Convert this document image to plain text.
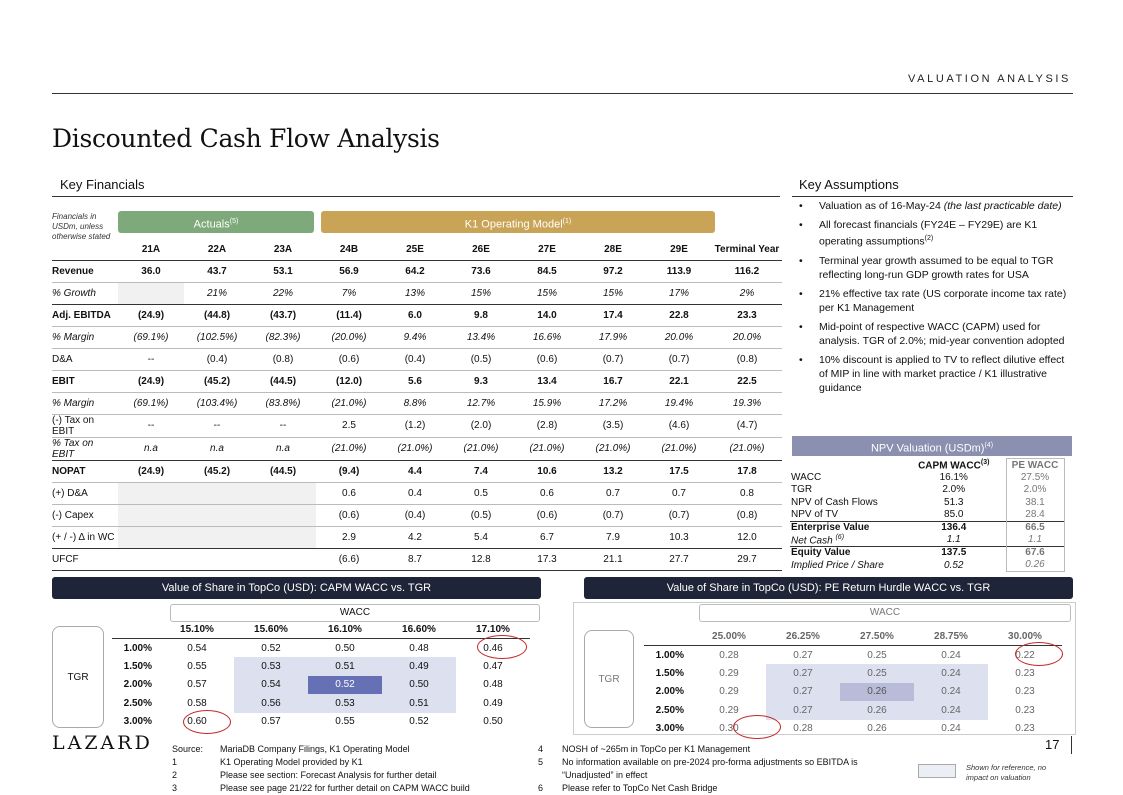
VALUATION ANALYSIS
Discounted Cash Flow Analysis
Key Financials
Financials in USDm, unless otherwise stated
Actuals$^{(5)}$	K1 Operating Model$^{(1)}$
	21A	22A	23A	24B	25E	26E	27E	28E	29E	Terminal Year
Revenue	36.0	43.7	53.1	56.9	64.2	73.6	84.5	97.2	113.9	116.2
% Growth		21%	22%	7%	13%	15%	15%	15%	17%	2%
Adj. EBITDA	(24.9)	(44.8)	(43.7)	(11.4)	6.0	9.8	14.0	17.4	22.8	23.3
% Margin	(69.1%)	(102.5%)	(82.3%)	(20.0%)	9.4%	13.4%	16.6%	17.9%	20.0%	20.0%
D&A	--	(0.4)	(0.8)	(0.6)	(0.4)	(0.5)	(0.6)	(0.7)	(0.7)	(0.8)
EBIT	(24.9)	(45.2)	(44.5)	(12.0)	5.6	9.3	13.4	16.7	22.1	22.5
% Margin	(69.1%)	(103.4%)	(83.8%)	(21.0%)	8.8%	12.7%	15.9%	17.2%	19.4%	19.3%
(-) Tax on EBIT	--	--	--	2.5	(1.2)	(2.0)	(2.8)	(3.5)	(4.6)	(4.7)
% Tax on EBIT	n.a	n.a	n.a	(21.0%)	(21.0%)	(21.0%)	(21.0%)	(21.0%)	(21.0%)	(21.0%)
NOPAT	(24.9)	(45.2)	(44.5)	(9.4)	4.4	7.4	10.6	13.2	17.5	17.8
(+) D&A				0.6	0.4	0.5	0.6	0.7	0.7	0.8
(-) Capex				(0.6)	(0.4)	(0.5)	(0.6)	(0.7)	(0.7)	(0.8)
(+ / -) Δ in WC				2.9	4.2	5.4	6.7	7.9	10.3	12.0
UFCF				(6.6)	8.7	12.8	17.3	21.1	27.7	29.7
Key Assumptions
• Valuation as of 16-May-24 (the last practicable date)
• All forecast financials (FY24E – FY29E) are K1 operating assumptions$^{(2)}$
• Terminal year growth assumed to be equal to TGR reflecting long-run GDP growth rates for USA
• 21% effective tax rate (US corporate income tax rate) per K1 Management
• Mid-point of respective WACC (CAPM) used for analysis. TGR of 2.0%; mid-year convention adopted
• 10% discount is applied to TV to reflect dilutive effect of MIP in line with market practice / K1 illustrative guidance
NPV Valuation (USDm)$^{(4)}$
	CAPM WACC$^{(3)}$	PE WACC
WACC	16.1%	27.5%
TGR	2.0%	2.0%
NPV of Cash Flows	51.3	38.1
NPV of TV	85.0	28.4
Enterprise Value	136.4	66.5
Net Cash $^{(6)}$	1.1	1.1
Equity Value	137.5	67.6
Implied Price / Share	0.52	0.26
Value of Share in TopCo (USD): CAPM WACC vs. TGR
WACC
TGR
	15.10%	15.60%	16.10%	16.60%	17.10%
1.00%	0.54	0.52	0.50	0.48	0.46
1.50%	0.55	0.53	0.51	0.49	0.47
2.00%	0.57	0.54	0.52	0.50	0.48
2.50%	0.58	0.56	0.53	0.51	0.49
3.00%	0.60	0.57	0.55	0.52	0.50
Value of Share in TopCo (USD): PE Return Hurdle WACC vs. TGR
WACC
TGR
	25.00%	26.25%	27.50%	28.75%	30.00%
1.00%	0.28	0.27	0.25	0.24	0.22
1.50%	0.29	0.27	0.25	0.24	0.23
2.00%	0.29	0.27	0.26	0.24	0.23
2.50%	0.29	0.27	0.26	0.24	0.23
3.00%	0.30	0.28	0.26	0.24	0.23
LAZARD Source:	MariaDB Company Filings, K1 Operating Model
1	K1 Operating Model provided by K1
2	Please see section: Forecast Analysis for further detail
3	Please see page 21/22 for further detail on CAPM WACC build
4	NOSH of ~265m in TopCo per K1 Management
5	No information available on pre-2024 pro-forma adjustments so EBITDA is
“Unadjusted” in effect
6	Please refer to TopCo Net Cash Bridge
17
Shown for reference, no impact on valuation
